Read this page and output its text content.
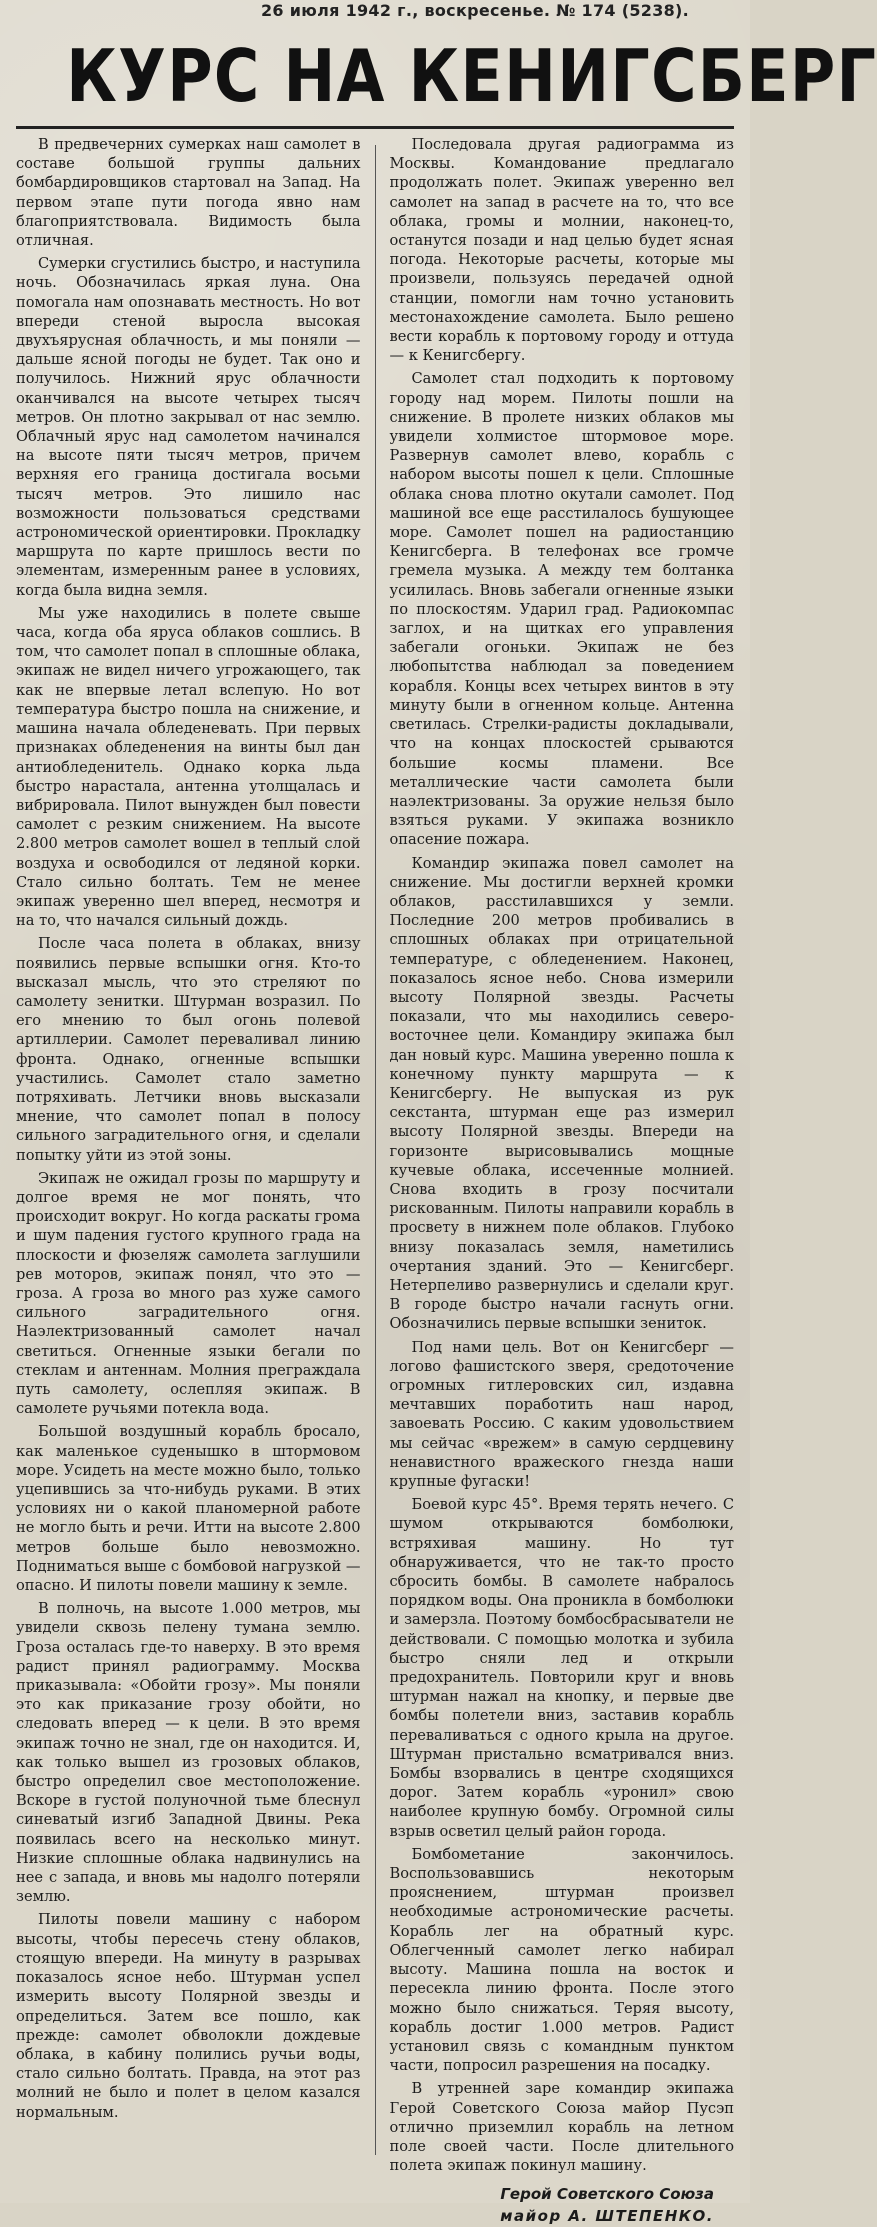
26 июля 1942 г., воскресенье. № 174 (5238).
КУРС НА КЕНИГСБЕРГ

В предвечерних сумерках наш самолет в составе большой группы дальних бомбардировщиков стартовал на Запад. На первом этапе пути погода явно нам благоприятствовала. Видимость была отличная.

Сумерки сгустились быстро, и наступила ночь. Обозначилась яркая луна. Она помогала нам опознавать местность. Но вот впереди стеной выросла высокая двухъярусная облачность, и мы поняли — дальше ясной погоды не будет. Так оно и получилось. Нижний ярус облачности оканчивался на высоте четырех тысяч метров. Он плотно закрывал от нас землю. Облачный ярус над самолетом начинался на высоте пяти тысяч метров, причем верхняя его граница достигала восьми тысяч метров. Это лишило нас возможности пользоваться средствами астрономической ориентировки. Прокладку маршрута по карте пришлось вести по элементам, измеренным ранее в условиях, когда была видна земля.

Мы уже находились в полете свыше часа, когда оба яруса облаков сошлись. В том, что самолет попал в сплошные облака, экипаж не видел ничего угрожающего, так как не впервые летал вслепую. Но вот температура быстро пошла на снижение, и машина начала обледеневать. При первых признаках обледенения на винты был дан антиобледенитель. Однако корка льда быстро нарастала, антенна утолщалась и вибрировала. Пилот вынужден был повести самолет с резким снижением. На высоте 2.800 метров самолет вошел в теплый слой воздуха и освободился от ледяной корки. Стало сильно болтать. Тем не менее экипаж уверенно шел вперед, несмотря и на то, что начался сильный дождь.

После часа полета в облаках, внизу появились первые вспышки огня. Кто-то высказал мысль, что это стреляют по самолету зенитки. Штурман возразил. По его мнению то был огонь полевой артиллерии. Самолет переваливал линию фронта. Однако, огненные вспышки участились. Самолет стало заметно потряхивать. Летчики вновь высказали мнение, что самолет попал в полосу сильного заградительного огня, и сделали попытку уйти из этой зоны.

Экипаж не ожидал грозы по маршруту и долгое время не мог понять, что происходит вокруг. Но когда раскаты грома и шум падения густого крупного града на плоскости и фюзеляж самолета заглушили рев моторов, экипаж понял, что это — гроза. А гроза во много раз хуже самого сильного заградительного огня. Наэлектризованный самолет начал светиться. Огненные языки бегали по стеклам и антеннам. Молния преграждала путь самолету, ослепляя экипаж. В самолете ручьями потекла вода.

Большой воздушный корабль бросало, как маленькое суденышко в штормовом море. Усидеть на месте можно было, только уцепившись за что-нибудь руками. В этих условиях ни о какой планомерной работе не могло быть и речи. Итти на высоте 2.800 метров больше было невозможно. Подниматься выше с бомбовой нагрузкой — опасно. И пилоты повели машину к земле.

В полночь, на высоте 1.000 метров, мы увидели сквозь пелену тумана землю. Гроза осталась где-то наверху. В это время радист принял радиограмму. Москва приказывала: «Обойти грозу». Мы поняли это как приказание грозу обойти, но следовать вперед — к цели. В это время экипаж точно не знал, где он находится. И, как только вышел из грозовых облаков, быстро определил свое местоположение. Вскоре в густой полуночной тьме блеснул синеватый изгиб Западной Двины. Река появилась всего на несколько минут. Низкие сплошные облака надвинулись на нее с запада, и вновь мы надолго потеряли землю.

Пилоты повели машину с набором высоты, чтобы пересечь стену облаков, стоящую впереди. На минуту в разрывах показалось ясное небо. Штурман успел измерить высоту Полярной звезды и определиться. Затем все пошло, как прежде: самолет обволокли дождевые облака, в кабину полились ручьи воды, стало сильно болтать. Правда, на этот раз молний не было и полет в целом казался нормальным.

Последовала другая радиограмма из Москвы. Командование предлагало продолжать полет. Экипаж уверенно вел самолет на запад в расчете на то, что все облака, громы и молнии, наконец-то, останутся позади и над целью будет ясная погода. Некоторые расчеты, которые мы произвели, пользуясь передачей одной станции, помогли нам точно установить местонахождение самолета. Было решено вести корабль к портовому городу и оттуда — к Кенигсбергу.

Самолет стал подходить к портовому городу над морем. Пилоты пошли на снижение. В пролете низких облаков мы увидели холмистое штормовое море. Развернув самолет влево, корабль с набором высоты пошел к цели. Сплошные облака снова плотно окутали самолет. Под машиной все еще расстилалось бушующее море. Самолет пошел на радиостанцию Кенигсберга. В телефонах все громче гремела музыка. А между тем болтанка усилилась. Вновь забегали огненные языки по плоскостям. Ударил град. Радиокомпас заглох, и на щитках его управления забегали огоньки. Экипаж не без любопытства наблюдал за поведением корабля. Концы всех четырех винтов в эту минуту были в огненном кольце. Антенна светилась. Стрелки-радисты докладывали, что на концах плоскостей срываются большие космы пламени. Все металлические части самолета были наэлектризованы. За оружие нельзя было взяться руками. У экипажа возникло опасение пожара.

Командир экипажа повел самолет на снижение. Мы достигли верхней кромки облаков, расстилавшихся у земли. Последние 200 метров пробивались в сплошных облаках при отрицательной температуре, с обледенением. Наконец, показалось ясное небо. Снова измерили высоту Полярной звезды. Расчеты показали, что мы находились северо-восточнее цели. Командиру экипажа был дан новый курс. Машина уверенно пошла к конечному пункту маршрута — к Кенигсбергу. Не выпуская из рук секстанта, штурман еще раз измерил высоту Полярной звезды. Впереди на горизонте вырисовывались мощные кучевые облака, иссеченные молнией. Снова входить в грозу посчитали рискованным. Пилоты направили корабль в просвету в нижнем поле облаков. Глубоко внизу показалась земля, наметились очертания зданий. Это — Кенигсберг. Нетерпеливо развернулись и сделали круг. В городе быстро начали гаснуть огни. Обозначились первые вспышки зениток.

Под нами цель. Вот он Кенигсберг — логово фашистского зверя, средоточение огромных гитлеровских сил, издавна мечтавших поработить наш народ, завоевать Россию. С каким удовольствием мы сейчас «врежем» в самую сердцевину ненавистного вражеского гнезда наши крупные фугаски!

Боевой курс 45°. Время терять нечего. С шумом открываются бомболюки, встряхивая машину. Но тут обнаруживается, что не так-то просто сбросить бомбы. В самолете набралось порядком воды. Она проникла в бомболюки и замерзла. Поэтому бомбосбрасыватели не действовали. С помощью молотка и зубила быстро сняли лед и открыли предохранитель. Повторили круг и вновь штурман нажал на кнопку, и первые две бомбы полетели вниз, заставив корабль переваливаться с одного крыла на другое. Штурман пристально всматривался вниз. Бомбы взорвались в центре сходящихся дорог. Затем корабль «уронил» свою наиболее крупную бомбу. Огромной силы взрыв осветил целый район города.

Бомбометание закончилось. Воспользовавшись некоторым прояснением, штурман произвел необходимые астрономические расчеты. Корабль лег на обратный курс. Облегченный самолет легко набирал высоту. Машина пошла на восток и пересекла линию фронта. После этого можно было снижаться. Теряя высоту, корабль достиг 1.000 метров. Радист установил связь с командным пунктом части, попросил разрешения на посадку.

В утренней заре командир экипажа Герой Советского Союза майор Пусэп отлично приземлил корабль на летном поле своей части. После длительного полета экипаж покинул машину.

Герой Советского Союза
майор А. ШТЕПЕНКО.
